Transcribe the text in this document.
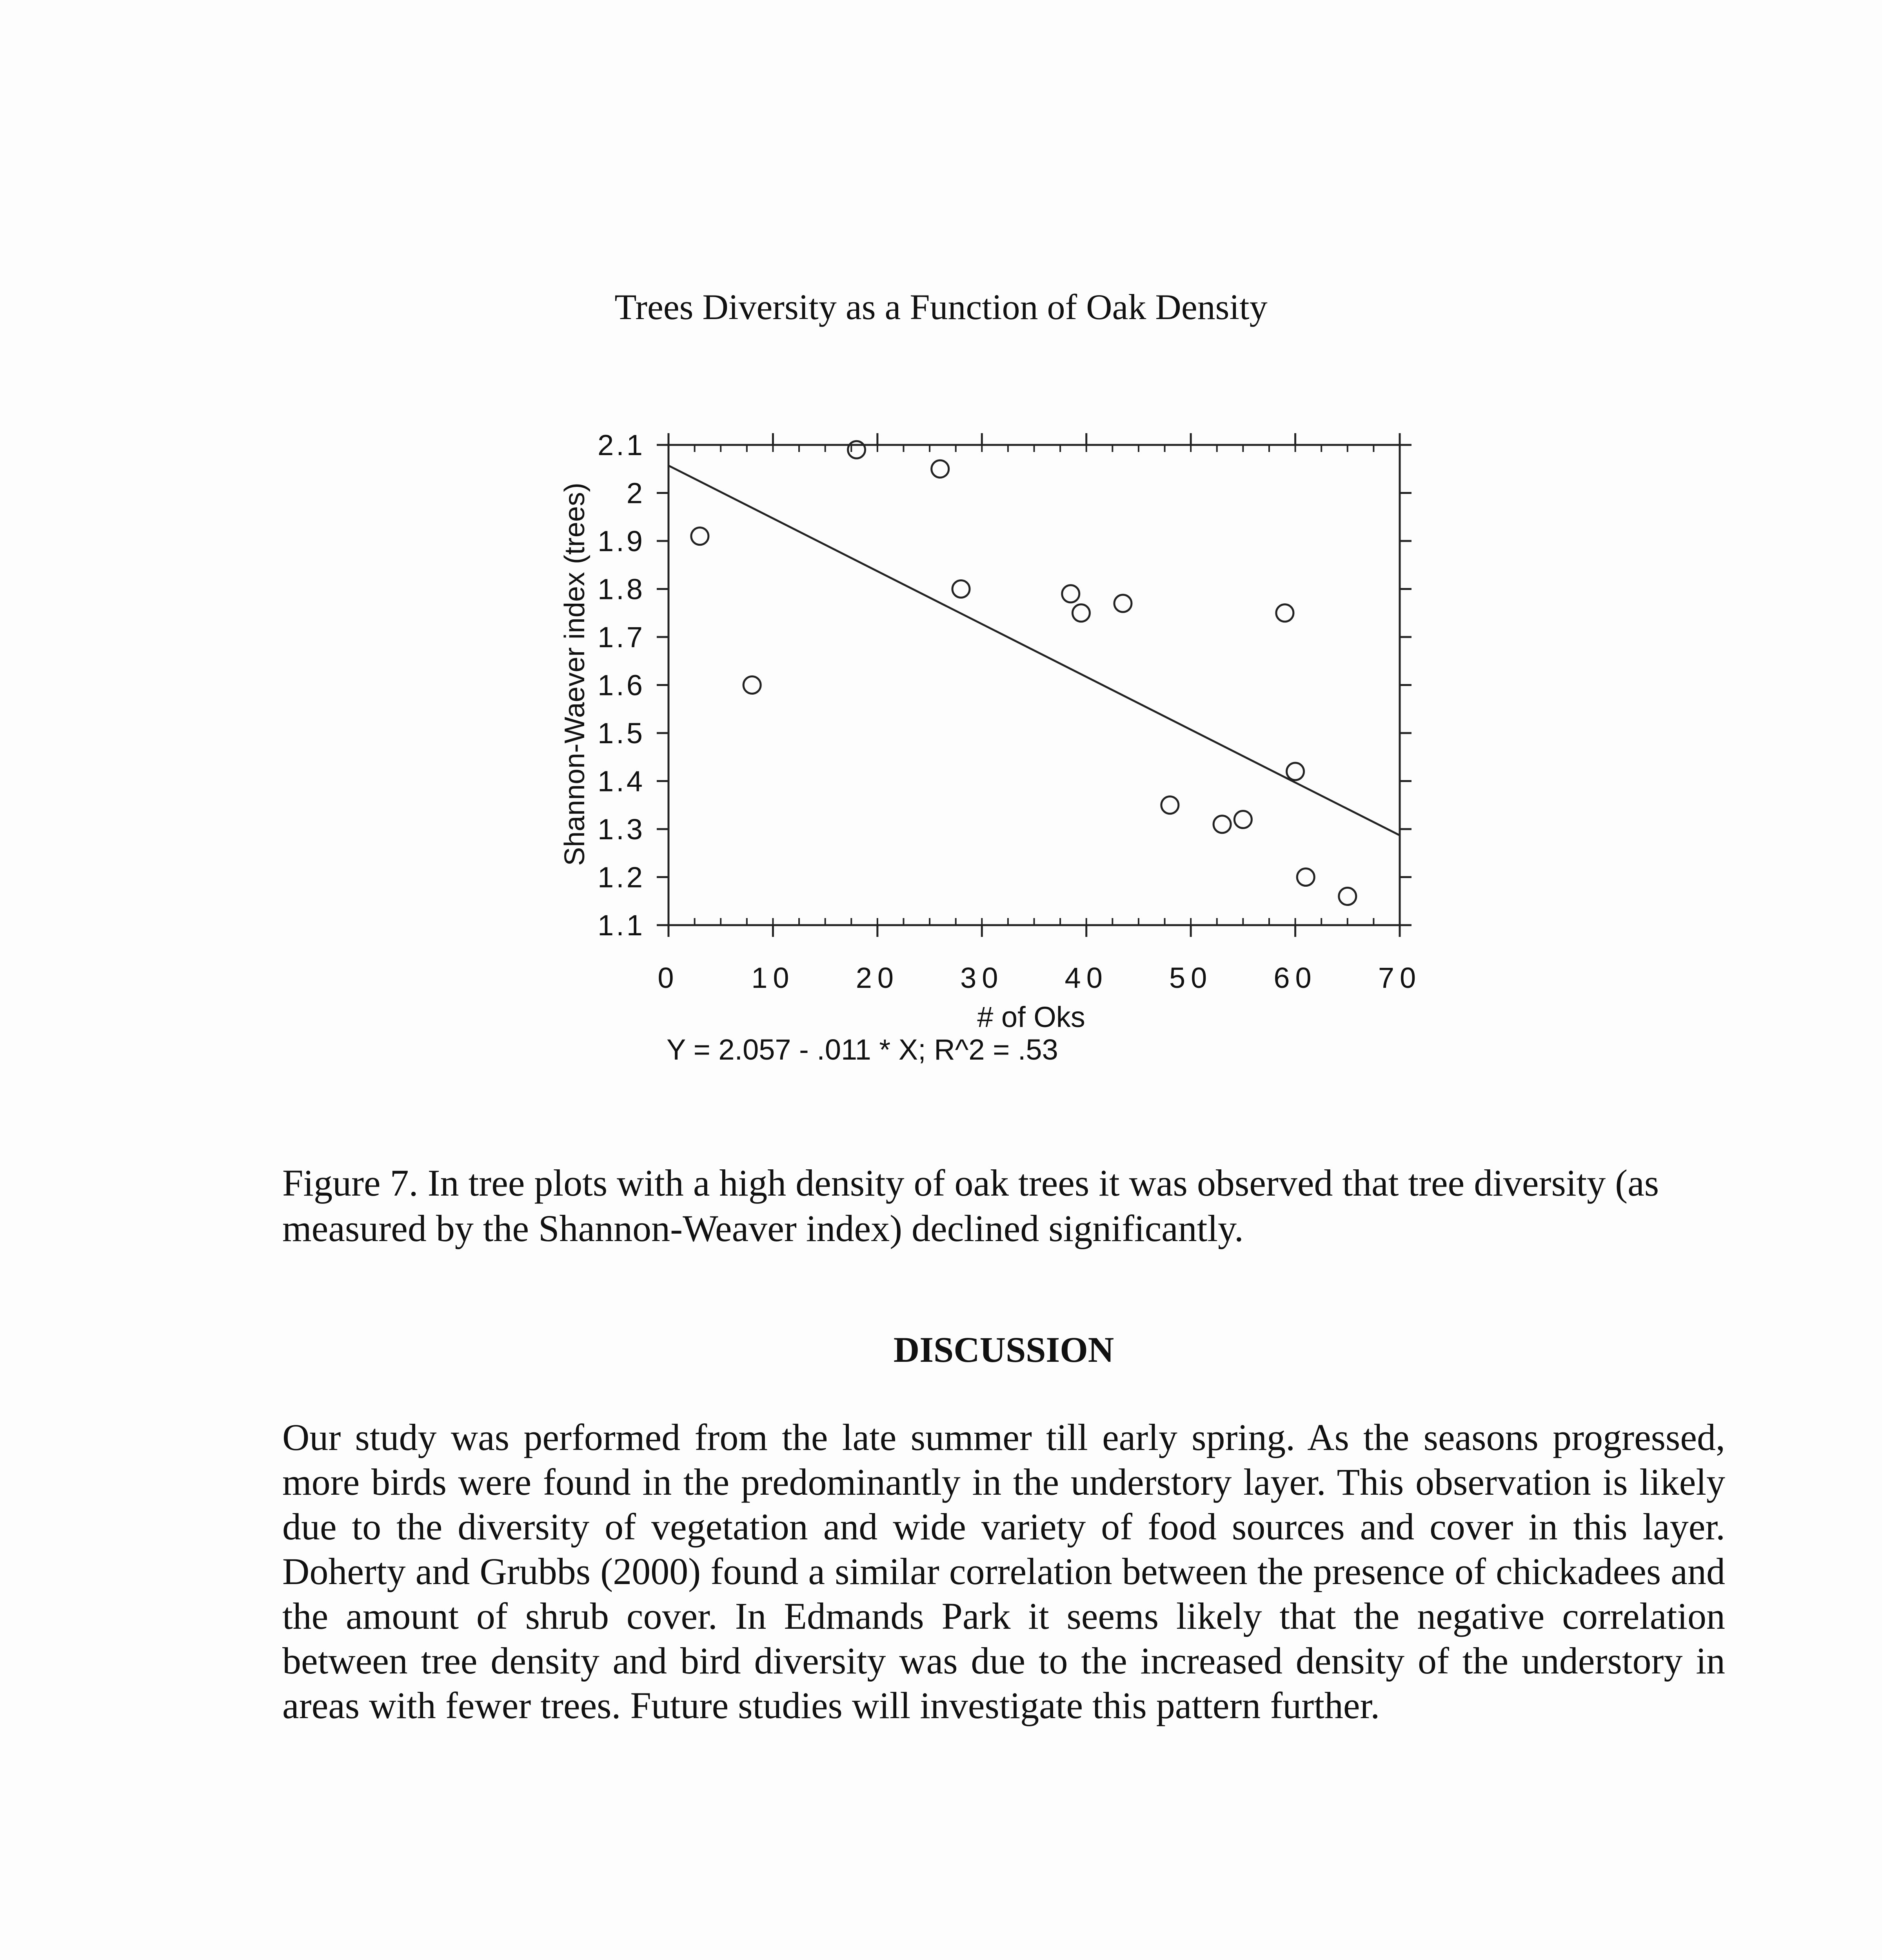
Trees Diversity as a Function of Oak Density
1.1
1.2
1.3
1.4
1.5
1.6
1.7
1.8
1.9
2
2.1
0 10 20 30 40 50 60 70
Shannon-Waever index (trees)
# of Oks
Y = 2.057 - .011 * X; R^2 = .53
Figure 7. In tree plots with a high density of oak trees it was observed that tree diversity (as measured by the Shannon-Weaver index) declined significantly.
DISCUSSION
Our study was performed from the late summer till early spring. As the seasons progressed, more birds were found in the predominantly in the understory layer. This observation is likely due to the diversity of vegetation and wide variety of food sources and cover in this layer. Doherty and Grubbs (2000) found a similar correlation between the presence of chickadees and the amount of shrub cover. In Edmands Park it seems likely that the negative correlation between tree density and bird diversity was due to the increased density of the understory in areas with fewer trees. Future studies will investigate this pattern further.
